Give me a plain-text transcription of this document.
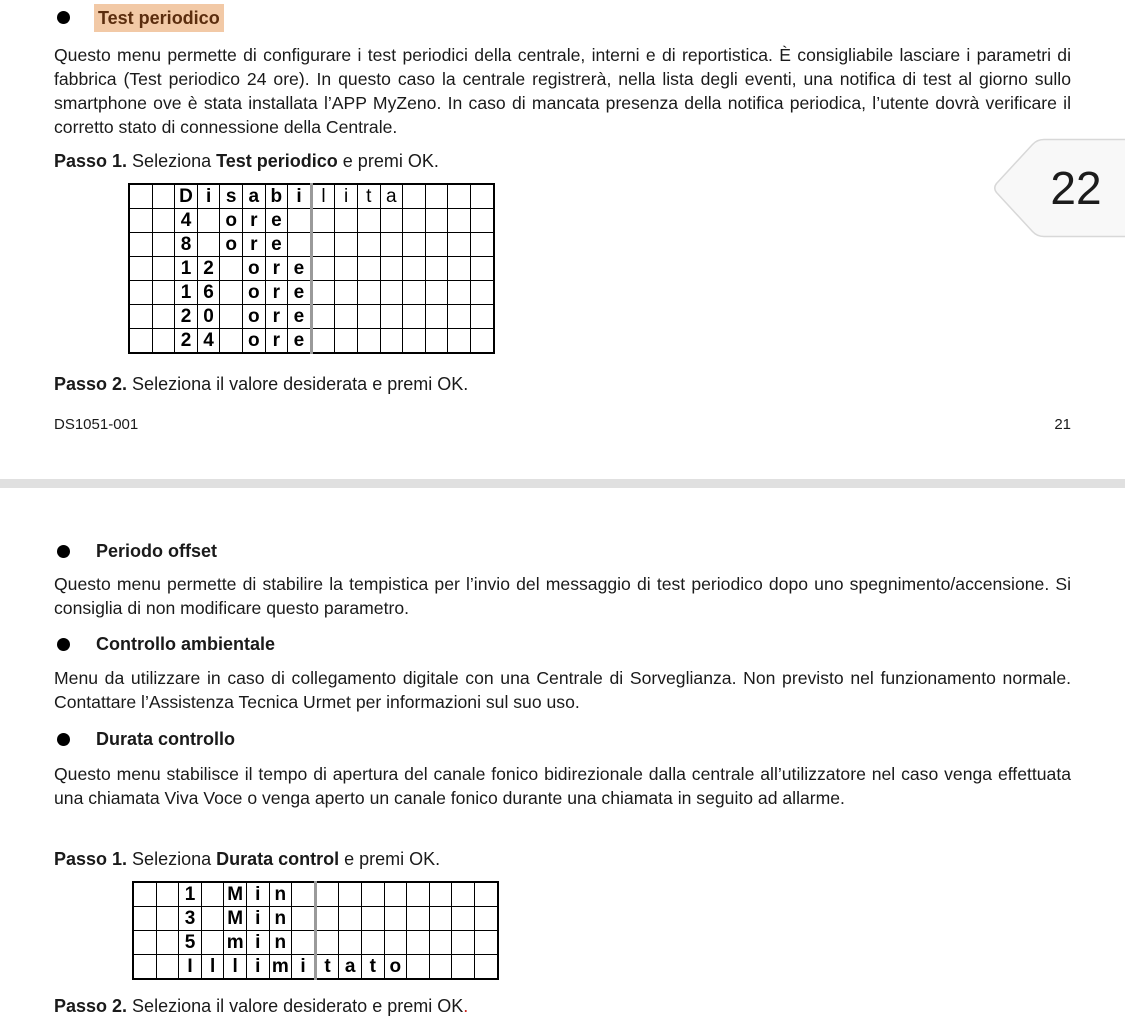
Test periodico

Questo menu permette di configurare i test periodici della centrale, interni e di reportistica. È consigliabile lasciare i parametri di fabbrica (Test periodico 24 ore). In questo caso la centrale registrerà, nella lista degli eventi, una notifica di test al giorno sullo smartphone ove è stata installata l’APP MyZeno. In caso di mancata presenza della notifica periodica, l’utente dovrà verificare il corretto stato di connessione della Centrale.

Passo 1. Seleziona Test periodico e premi OK.

		D	i	s	a	b	i	l	i	t	a				
		4		o	r	e									
		8		o	r	e									
		1	2		o	r	e								
		1	6		o	r	e								
		2	0		o	r	e								
		2	4		o	r	e								

Passo 2. Seleziona il valore desiderata e premi OK.

DS1051-001	21
22
Periodo offset

Questo menu permette di stabilire la tempistica per l’invio del messaggio di test periodico dopo uno spegnimento/accensione. Si consiglia di non modificare questo parametro.

Controllo ambientale

Menu da utilizzare in caso di collegamento digitale con una Centrale di Sorveglianza. Non previsto nel funzionamento normale. Contattare l’Assistenza Tecnica Urmet per informazioni sul suo uso.

Durata controllo

Questo menu stabilisce il tempo di apertura del canale fonico bidirezionale dalla centrale all’utilizzatore nel caso venga effettuata una chiamata Viva Voce o venga aperto un canale fonico durante una chiamata in seguito ad allarme.

Passo 1. Seleziona Durata control e premi OK.

		1		M	i	n									
		3		M	i	n									
		5		m	i	n									
		I	l	l	i	m	i	t	a	t	o				

Passo 2. Seleziona il valore desiderato e premi OK.
